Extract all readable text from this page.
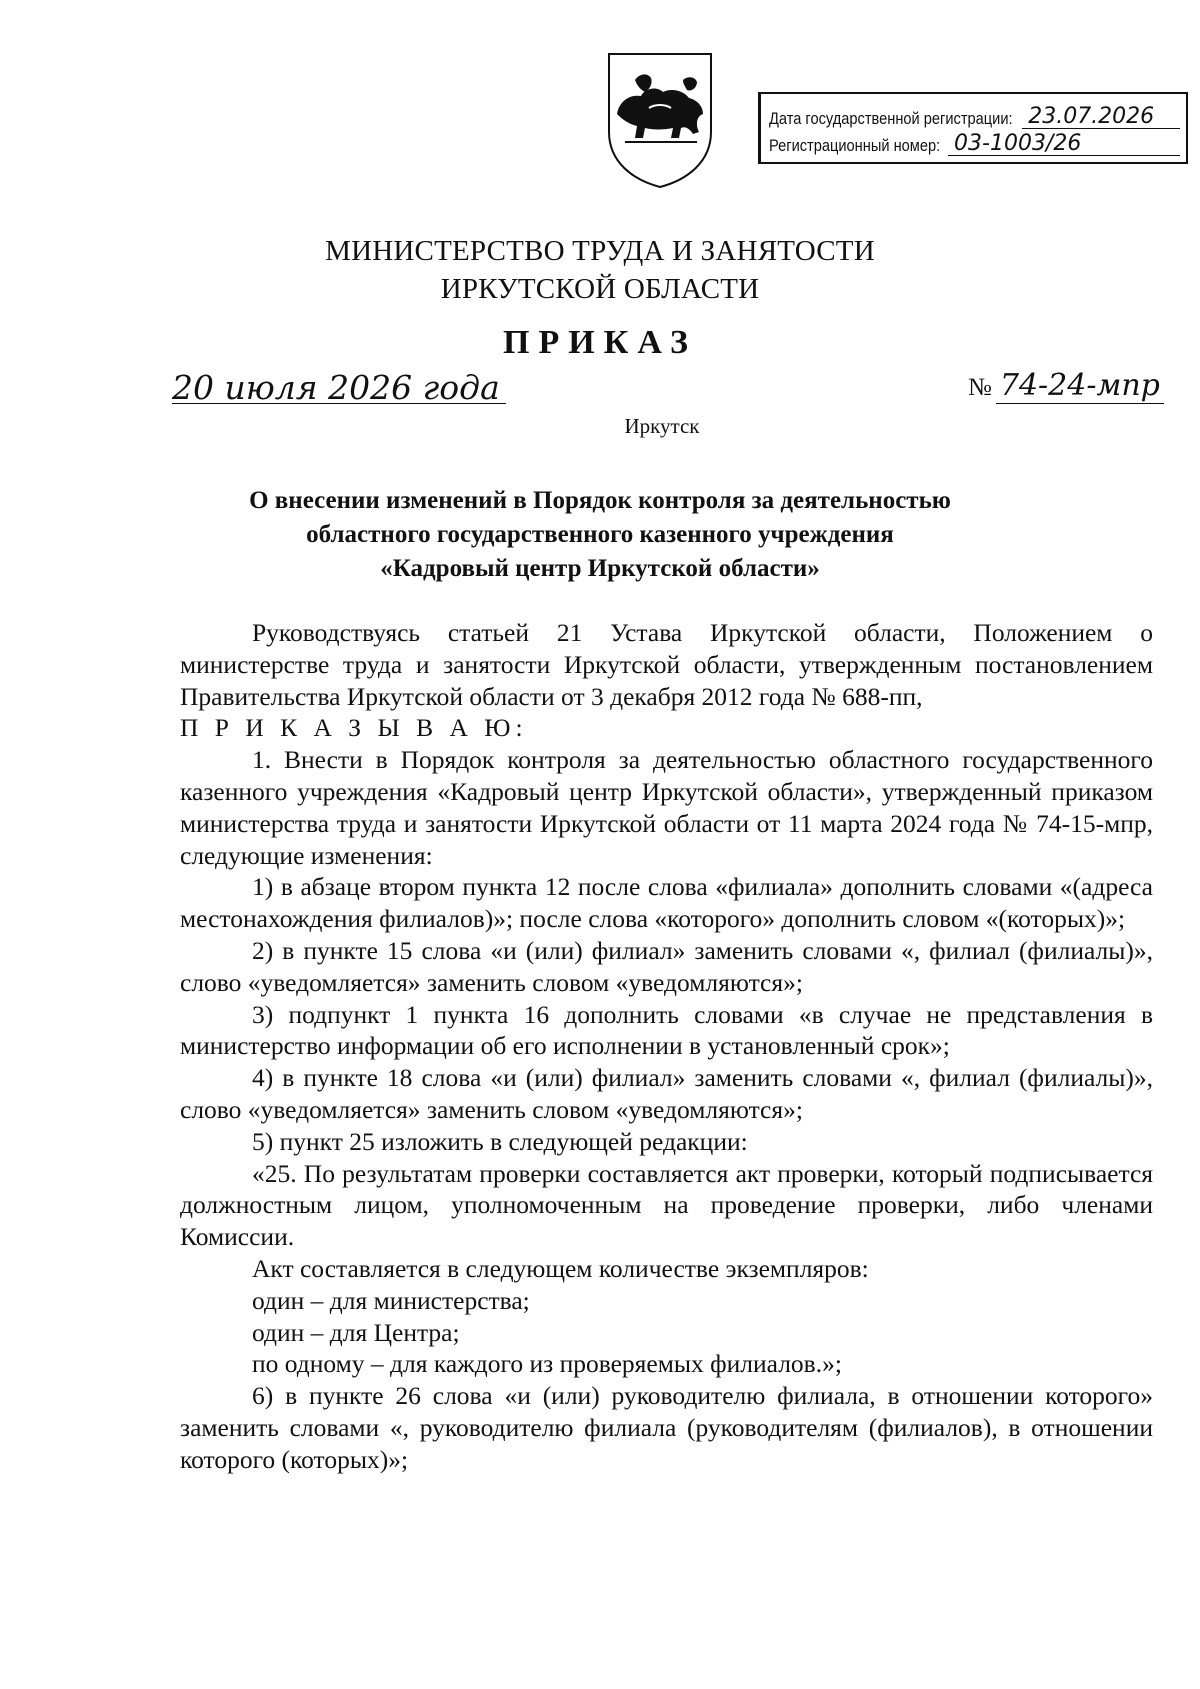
Дата государственной регистрации: 23.07.2026
Регистрационный номер: 03-1003/26
МИНИСТЕРСТВО ТРУДА И ЗАНЯТОСТИ
ИРКУТСКОЙ ОБЛАСТИ
ПРИКАЗ
20 июля 2026 года	№ 74-24-мпр
Иркутск
О внесении изменений в Порядок контроля за деятельностью
областного государственного казенного учреждения
«Кадровый центр Иркутской области»

Руководствуясь статьей 21 Устава Иркутской области, Положением о министерстве труда и занятости Иркутской области, утвержденным постановлением Правительства Иркутской области от 3 декабря 2012 года № 688-пп,

П Р И К А З Ы В А Ю:

1. Внести в Порядок контроля за деятельностью областного государственного казенного учреждения «Кадровый центр Иркутской области», утвержденный приказом министерства труда и занятости Иркутской области от 11 марта 2024 года № 74-15-мпр, следующие изменения:

1) в абзаце втором пункта 12 после слова «филиала» дополнить словами «(адреса местонахождения филиалов)»; после слова «которого» дополнить словом «(которых)»;

2) в пункте 15 слова «и (или) филиал» заменить словами «, филиал (филиалы)», слово «уведомляется» заменить словом «уведомляются»;

3) подпункт 1 пункта 16 дополнить словами «в случае не представления в министерство информации об его исполнении в установленный срок»;

4) в пункте 18 слова «и (или) филиал» заменить словами «, филиал (филиалы)», слово «уведомляется» заменить словом «уведомляются»;

5) пункт 25 изложить в следующей редакции:

«25. По результатам проверки составляется акт проверки, который подписывается должностным лицом, уполномоченным на проведение проверки, либо членами Комиссии.

Акт составляется в следующем количестве экземпляров:

один – для министерства;

один – для Центра;

по одному – для каждого из проверяемых филиалов.»;

6) в пункте 26 слова «и (или) руководителю филиала, в отношении которого» заменить словами «, руководителю филиала (руководителям (филиалов), в отношении которого (которых)»;
